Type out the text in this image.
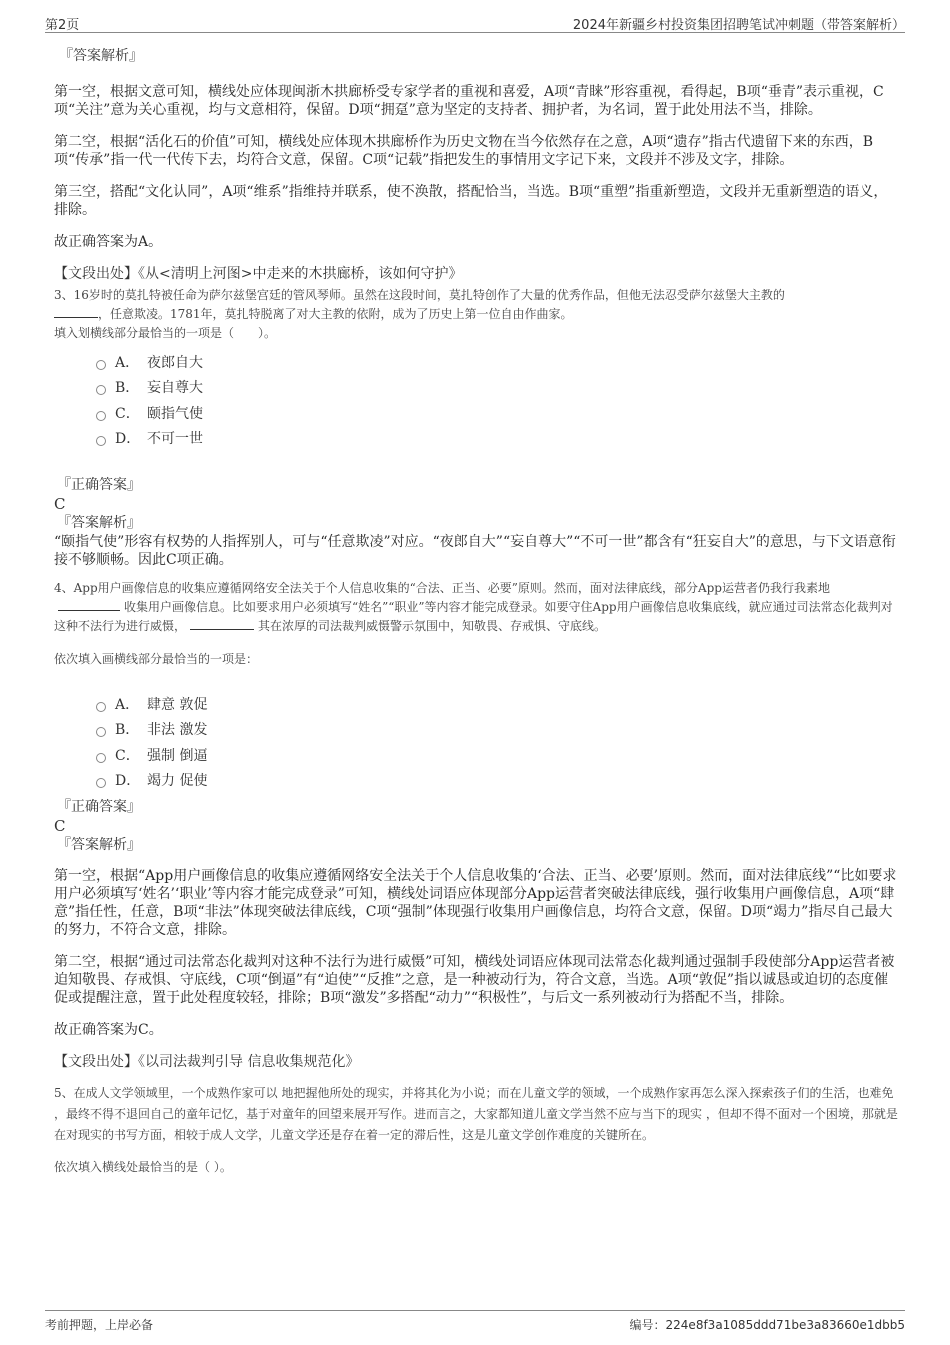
第2页	2024年新疆乡村投资集团招聘笔试冲刺题（带答案解析）

『答案解析』

第一空，根据文意可知，横线处应体现闽浙木拱廊桥受专家学者的重视和喜爱，A项“青睐”形容重视，看得起，B项“垂青”表示重视，C项“关注”意为关心重视，均与文意相符，保留。D项“拥趸”意为坚定的支持者、拥护者，为名词，置于此处用法不当，排除。

第二空，根据“活化石的价值”可知，横线处应体现木拱廊桥作为历史文物在当今依然存在之意，A项“遗存”指古代遗留下来的东西，B项“传承”指一代一代传下去，均符合文意，保留。C项“记载”指把发生的事情用文字记下来，文段并不涉及文字，排除。

第三空，搭配“文化认同”，A项“维系”指维持并联系，使不涣散，搭配恰当，当选。B项“重塑”指重新塑造，文段并无重新塑造的语义，排除。

故正确答案为A。

【文段出处】《从<清明上河图>中走来的木拱廊桥，该如何守护》

3、16岁时的莫扎特被任命为萨尔兹堡宫廷的管风琴师。虽然在这段时间，莫扎特创作了大量的优秀作品，但他无法忍受萨尔兹堡大主教的
，任意欺凌。1781年，莫扎特脱离了对大主教的依附，成为了历史上第一位自由作曲家。

填入划横线部分最恰当的一项是（　　）。

A． 夜郎自大
B． 妄自尊大
C． 颐指气使
D． 不可一世

『正确答案』

C

『答案解析』

“颐指气使”形容有权势的人指挥别人，可与“任意欺凌”对应。“夜郎自大”“妄自尊大”“不可一世”都含有“狂妄自大”的意思，与下文语意衔接不够顺畅。因此C项正确。

4、App用户画像信息的收集应遵循网络安全法关于个人信息收集的“合法、正当、必要”原则。然而，面对法律底线，部分App运营者仍我行我素地收集用户画像信息。比如要求用户必须填写“姓名”“职业”等内容才能完成登录。如要守住App用户画像信息收集底线，就应通过司法常态化裁判对这种不法行为进行威慑，	其在浓厚的司法裁判威慑警示氛围中，知敬畏、存戒惧、守底线。

依次填入画横线部分最恰当的一项是：

A． 肆意 敦促
B． 非法 激发
C． 强制 倒逼
D． 竭力 促使

『正确答案』

C

『答案解析』

第一空，根据“App用户画像信息的收集应遵循网络安全法关于个人信息收集的‘合法、正当、必要’原则。然而，面对法律底线”“比如要求用户必须填写‘姓名’‘职业’等内容才能完成登录”可知，横线处词语应体现部分App运营者突破法律底线，强行收集用户画像信息，A项“肆意”指任性，任意，B项“非法”体现突破法律底线，C项“强制”体现强行收集用户画像信息，均符合文意，保留。D项“竭力”指尽自己最大的努力，不符合文意，排除。

第二空，根据“通过司法常态化裁判对这种不法行为进行威慑”可知，横线处词语应体现司法常态化裁判通过强制手段使部分App运营者被迫知敬畏、存戒惧、守底线，C项“倒逼”有“迫使”“反推”之意，是一种被动行为，符合文意，当选。A项“敦促”指以诚恳或迫切的态度催促或提醒注意，置于此处程度较轻，排除；B项“激发”多搭配“动力”“积极性”，与后文一系列被动行为搭配不当，排除。

故正确答案为C。

【文段出处】《以司法裁判引导 信息收集规范化》

5、在成人文学领域里，一个成熟作家可以 地把握他所处的现实，并将其化为小说；而在儿童文学的领域，一个成熟作家再怎么深入探索孩子们的生活，也难免 ，最终不得不退回自己的童年记忆，基于对童年的回望来展开写作。进而言之，大家都知道儿童文学当然不应与当下的现实 ，但却不得不面对一个困境，那就是在对现实的书写方面，相较于成人文学，儿童文学还是存在着一定的滞后性，这是儿童文学创作难度的关键所在。

依次填入横线处最恰当的是（ ）。

考前押题，上岸必备	编号：224e8f3a1085ddd71be3a83660e1dbb5
